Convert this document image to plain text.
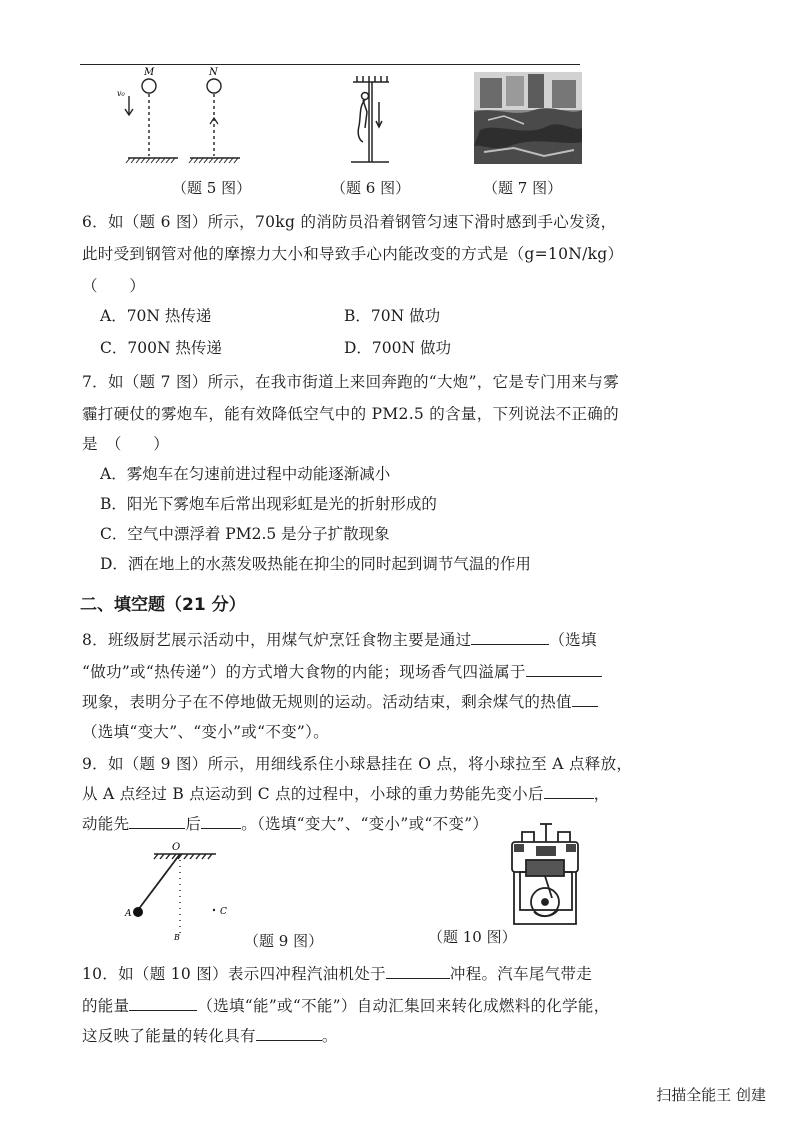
M	N
v₀
（题 5 图）	（题 6 图）	（题 7 图）
6．如（题 6 图）所示，70kg 的消防员沿着钢管匀速下滑时感到手心发烫，
此时受到钢管对他的摩擦力大小和导致手心内能改变的方式是（g=10N/kg）
（　　）
A．70N 热传递	B．70N 做功
C．700N 热传递	D．700N 做功
7．如（题 7 图）所示，在我市街道上来回奔跑的“大炮”，它是专门用来与雾
霾打硬仗的雾炮车，能有效降低空气中的 PM2.5 的含量，下列说法不正确的
是　（　　）
A．雾炮车在匀速前进过程中动能逐渐减小
B．阳光下雾炮车后常出现彩虹是光的折射形成的
C．空气中漂浮着 PM2.5 是分子扩散现象
D．洒在地上的水蒸发吸热能在抑尘的同时起到调节气温的作用
二、填空题（21 分）
8．班级厨艺展示活动中，用煤气炉烹饪食物主要是通过	（选填
“做功”或“热传递”）的方式增大食物的内能；现场香气四溢属于
现象，表明分子在不停地做无规则的运动。活动结束，剩余煤气的热值
（选填“变大”、“变小”或“不变”）。
9．如（题 9 图）所示，用细线系住小球悬挂在 O 点，将小球拉至 A 点释放，
从 A 点经过 B 点运动到 C 点的过程中，小球的重力势能先变小后	，
动能先	后	。（选填“变大”、“变小”或“不变”）
O
A
B
C
（题 9 图）	（题 10 图）
10．如（题 10 图）表示四冲程汽油机处于	冲程。汽车尾气带走
的能量	（选填“能”或“不能”）自动汇集回来转化成燃料的化学能，
这反映了能量的转化具有	。
扫描全能王 创建
